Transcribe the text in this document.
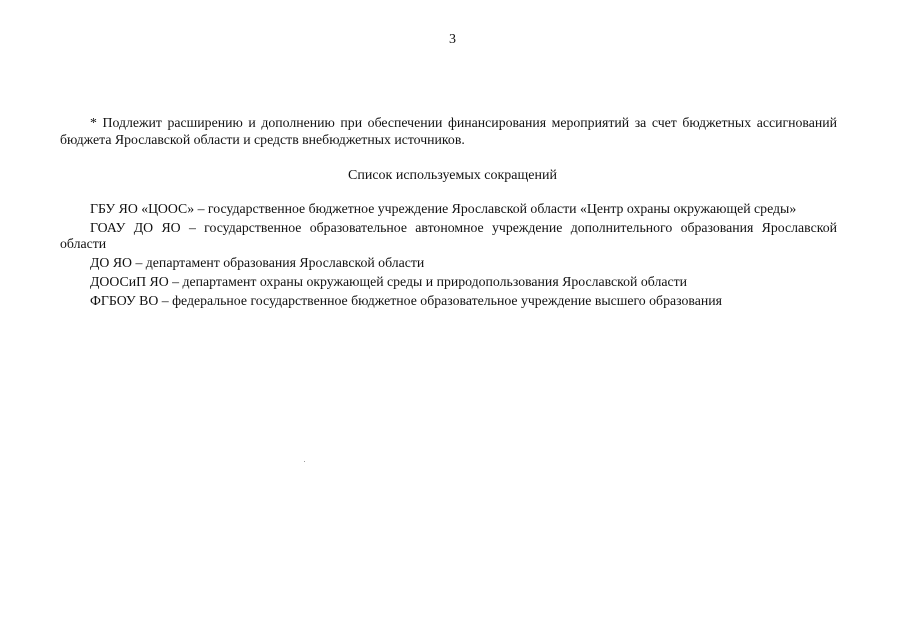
3

* Подлежит расширению и дополнению при обеспечении финансирования мероприятий за счет бюджетных ассигнований бюджета Ярославской области и средств внебюджетных источников.

Список используемых сокращений

ГБУ ЯО «ЦООС» – государственное бюджетное учреждение Ярославской области «Центр охраны окружающей среды»

ГОАУ ДО ЯО – государственное образовательное автономное учреждение дополнительного образования Ярославской области

ДО ЯО – департамент образования Ярославской области

ДООСиП ЯО – департамент охраны окружающей среды и природопользования Ярославской области

ФГБОУ ВО – федеральное государственное бюджетное образовательное учреждение высшего образования
